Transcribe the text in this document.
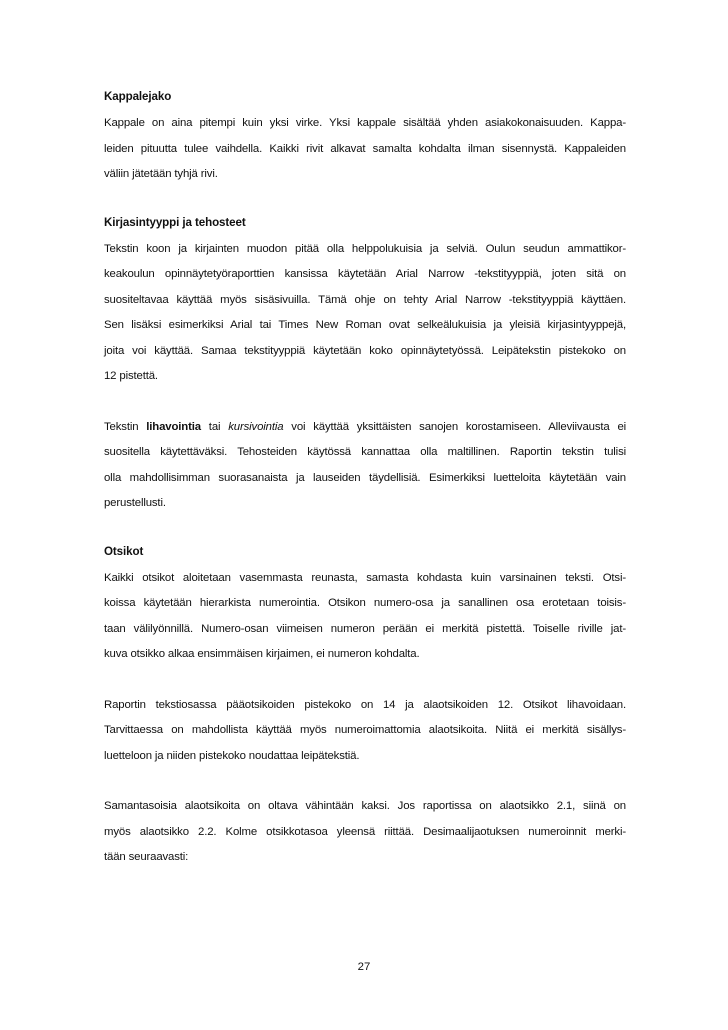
Kappalejako

Kappale on aina pitempi kuin yksi virke. Yksi kappale sisältää yhden asiakokonaisuuden. Kappa-

leiden pituutta tulee vaihdella. Kaikki rivit alkavat samalta kohdalta ilman sisennystä. Kappaleiden

väliin jätetään tyhjä rivi.

Kirjasintyyppi ja tehosteet

Tekstin koon ja kirjainten muodon pitää olla helppolukuisia ja selviä. Oulun seudun ammattikor-

keakoulun opinnäytetyöraporttien kansissa käytetään Arial Narrow -tekstityyppiä, joten sitä on

suositeltavaa käyttää myös sisäsivuilla. Tämä ohje on tehty Arial Narrow -tekstityyppiä käyttäen.

Sen lisäksi esimerkiksi Arial tai Times New Roman ovat selkeälukuisia ja yleisiä kirjasintyyppejä,

joita voi käyttää. Samaa tekstityyppiä käytetään koko opinnäytetyössä. Leipätekstin pistekoko on

12 pistettä.

Tekstin lihavointia tai kursivointia voi käyttää yksittäisten sanojen korostamiseen. Alleviivausta ei

suositella käytettäväksi. Tehosteiden käytössä kannattaa olla maltillinen. Raportin tekstin tulisi

olla mahdollisimman suorasanaista ja lauseiden täydellisiä. Esimerkiksi luetteloita käytetään vain

perustellusti.

Otsikot

Kaikki otsikot aloitetaan vasemmasta reunasta, samasta kohdasta kuin varsinainen teksti. Otsi-

koissa käytetään hierarkista numerointia. Otsikon numero-osa ja sanallinen osa erotetaan toisis-

taan välilyönnillä. Numero-osan viimeisen numeron perään ei merkitä pistettä. Toiselle riville jat-

kuva otsikko alkaa ensimmäisen kirjaimen, ei numeron kohdalta.

Raportin tekstiosassa pääotsikoiden pistekoko on 14 ja alaotsikoiden 12. Otsikot lihavoidaan.

Tarvittaessa on mahdollista käyttää myös numeroimattomia alaotsikoita. Niitä ei merkitä sisällys-

luetteloon ja niiden pistekoko noudattaa leipätekstiä.

Samantasoisia alaotsikoita on oltava vähintään kaksi. Jos raportissa on alaotsikko 2.1, siinä on

myös alaotsikko 2.2. Kolme otsikkotasoa yleensä riittää. Desimaalijaotuksen numeroinnit merki-

tään seuraavasti:

27
